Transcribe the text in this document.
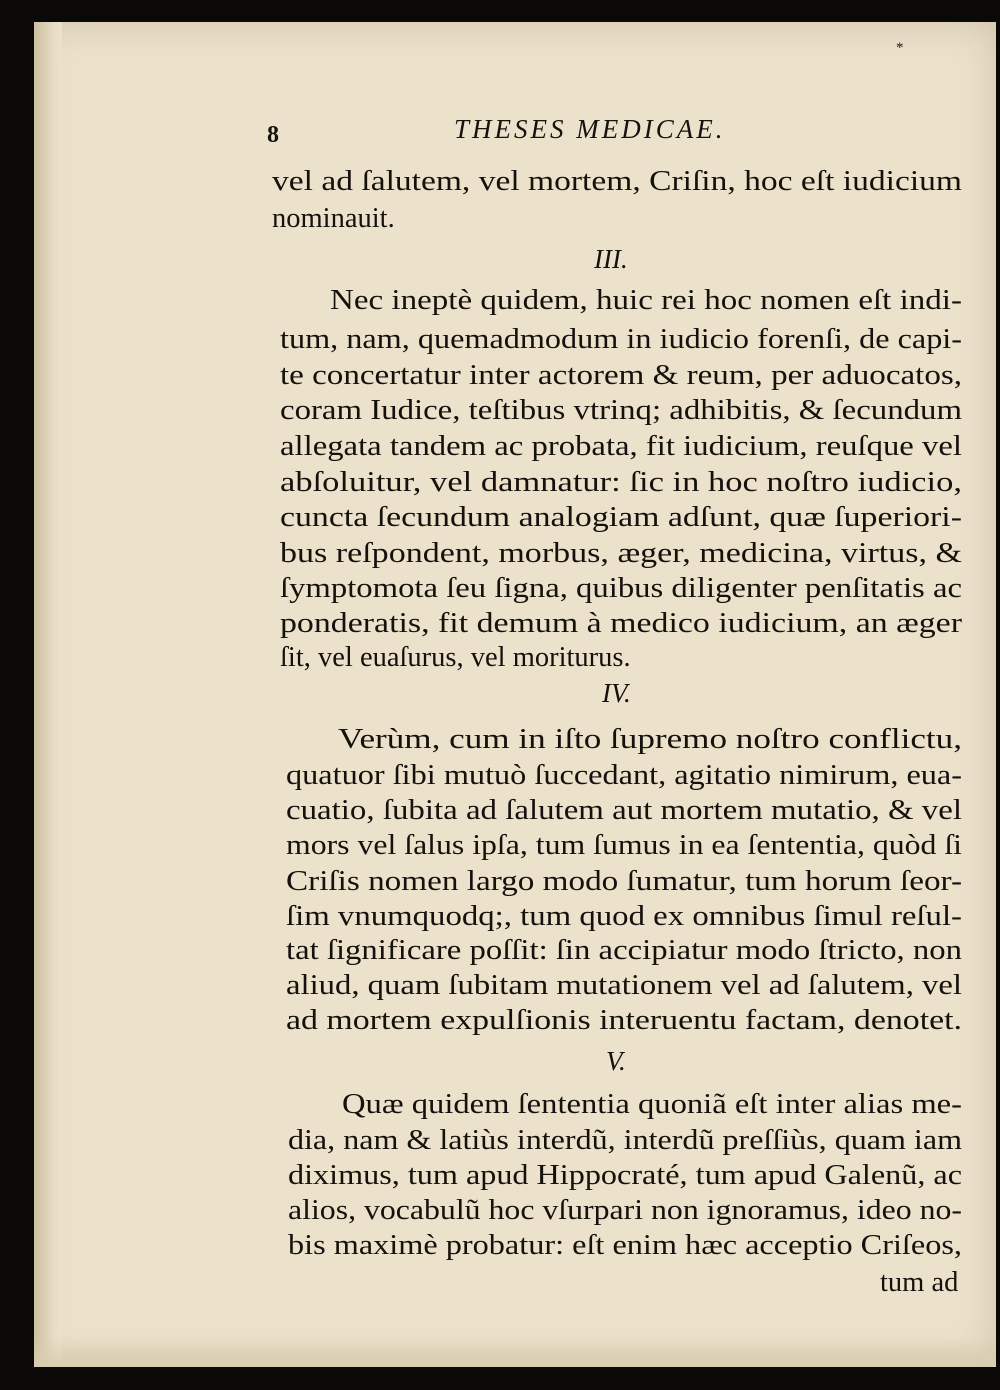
*
8	THESES MEDICAE.
vel ad ſalutem, vel mortem, Criſin, hoc eſt iudicium
nominauit.
III.
Nec ineptè quidem, huic rei hoc nomen eſt indi-
tum, nam, quemadmodum in iudicio forenſi, de capi-
te concertatur inter actorem & reum, per aduocatos,
coram Iudice, teſtibus vtrinq; adhibitis, & ſecundum
allegata tandem ac probata, fit iudicium, reuſque vel
abſoluitur, vel damnatur: ſic in hoc noſtro iudicio,
cuncta ſecundum analogiam adſunt, quæ ſuperiori-
bus reſpondent, morbus, æger, medicina, virtus, &
ſymptomota ſeu ſigna, quibus diligenter penſitatis ac
ponderatis, fit demum à medico iudicium, an æger
ſit, vel euaſurus, vel moriturus.
IV.
Verùm, cum in iſto ſupremo noſtro conflictu,
quatuor ſibi mutuò ſuccedant, agitatio nimirum, eua-
cuatio, ſubita ad ſalutem aut mortem mutatio, & vel
mors vel ſalus ipſa, tum ſumus in ea ſententia, quòd ſi
Criſis nomen largo modo ſumatur, tum horum ſeor-
ſim vnumquodq;, tum quod ex omnibus ſimul reſul-
tat ſignificare poſſit: ſin accipiatur modo ſtricto, non
aliud, quam ſubitam mutationem vel ad ſalutem, vel
ad mortem expulſionis interuentu factam, denotet.
V.
Quæ quidem ſententia quoniã eſt inter alias me-
dia, nam & latiùs interdũ, interdũ preſſiùs, quam iam
diximus, tum apud Hippocraté, tum apud Galenũ, ac
alios, vocabulũ hoc vſurpari non ignoramus, ideo no-
bis maximè probatur: eſt enim hæc acceptio Criſeos,
tum ad
